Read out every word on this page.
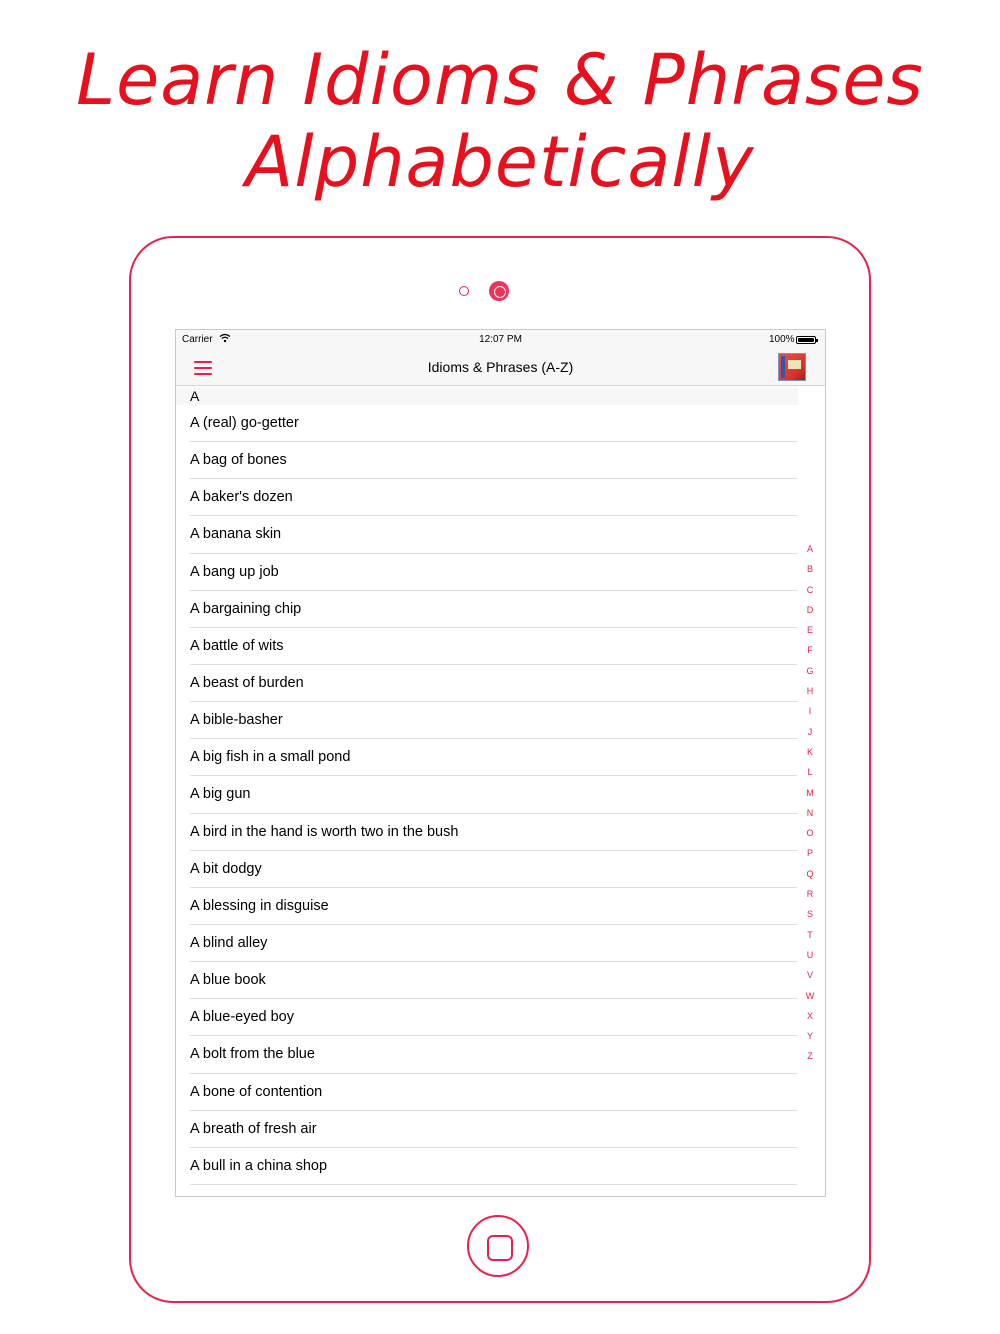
Learn Idioms & Phrases
Alphabetically
Carrier	12:07 PM	100%
Idioms & Phrases (A-Z)
A
A (real) go-getter
A bag of bones
A baker's dozen
A banana skin
A bang up job
A bargaining chip
A battle of wits
A beast of burden
A bible-basher
A big fish in a small pond
A big gun
A bird in the hand is worth two in the bush
A bit dodgy
A blessing in disguise
A blind alley
A blue book
A blue-eyed boy
A bolt from the blue
A bone of contention
A breath of fresh air
A bull in a china shop
A
B
C
D
E
F
G
H
I
J
K
L
M
N
O
P
Q
R
S
T
U
V
W
X
Y
Z
